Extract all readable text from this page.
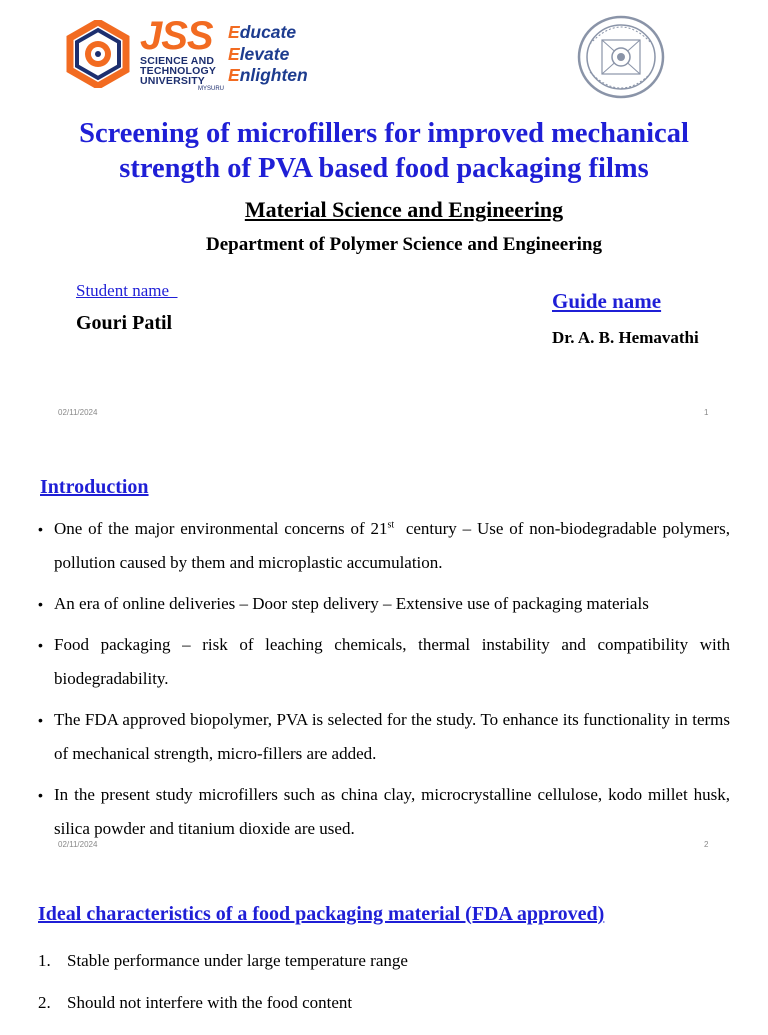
JSS
SCIENCE AND
TECHNOLOGY
UNIVERSITY
MYSURU
Educate
Elevate
Enlighten
Screening of microfillers for improved mechanical
strength of PVA based food packaging films
Material Science and Engineering
Department of Polymer Science and Engineering
Student name
Gouri Patil
Guide name
Dr. A. B. Hemavathi
02/11/2024	1
Introduction
• One of the major environmental concerns of 21st  century – Use of non-biodegradable polymers, pollution caused by them and microplastic accumulation.
• An era of online deliveries – Door step delivery – Extensive use of packaging materials
• Food packaging – risk of leaching chemicals, thermal instability and compatibility with biodegradability.
• The FDA approved biopolymer, PVA is selected for the study. To enhance its functionality in terms of mechanical strength, micro-fillers are added.
• In the present study microfillers such as china clay, microcrystalline cellulose, kodo millet husk, silica powder and titanium dioxide are used.
02/11/2024	2
Ideal characteristics of a food packaging material (FDA approved)
1. Stable performance under large temperature range
2. Should not interfere with the food content
